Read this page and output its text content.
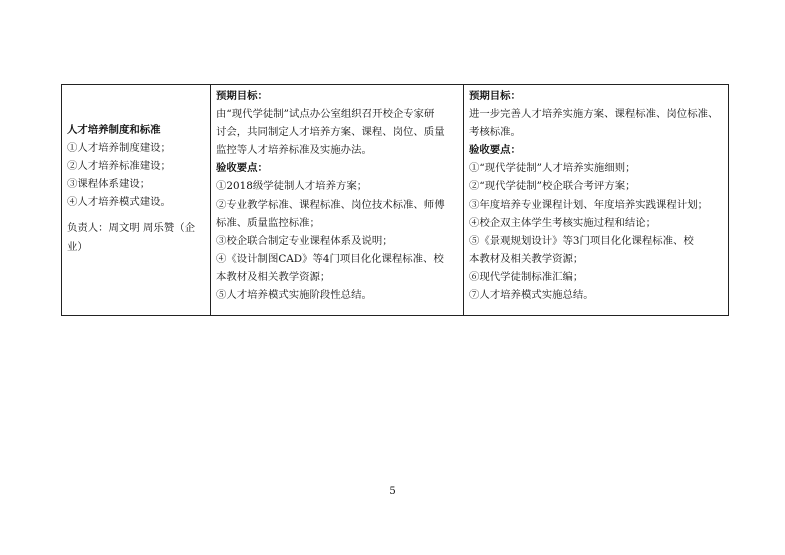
人才培养制度和标准
①人才培养制度建设；
②人才培养标准建设；
③课程体系建设；
④人才培养模式建设。
负责人：周文明 周乐赞（企
业）
预期目标：
由“现代学徒制”试点办公室组织召开校企专家研
讨会，共同制定人才培养方案、课程、岗位、质量
监控等人才培养标准及实施办法。
验收要点：
①2018级学徒制人才培养方案；
②专业教学标准、课程标准、岗位技术标准、师傅
标准、质量监控标准；
③校企联合制定专业课程体系及说明；
④《设计制图CAD》等4门项目化化课程标准、校
本教材及相关教学资源；
⑤人才培养模式实施阶段性总结。
预期目标：
进一步完善人才培养实施方案、课程标准、岗位标准、
考核标准。
验收要点：
①“现代学徒制”人才培养实施细则；
②“现代学徒制”校企联合考评方案；
③年度培养专业课程计划、年度培养实践课程计划；
④校企双主体学生考核实施过程和结论；
⑤《景观规划设计》等3门项目化化课程标准、校
本教材及相关教学资源；
⑥现代学徒制标准汇编；
⑦人才培养模式实施总结。
5
